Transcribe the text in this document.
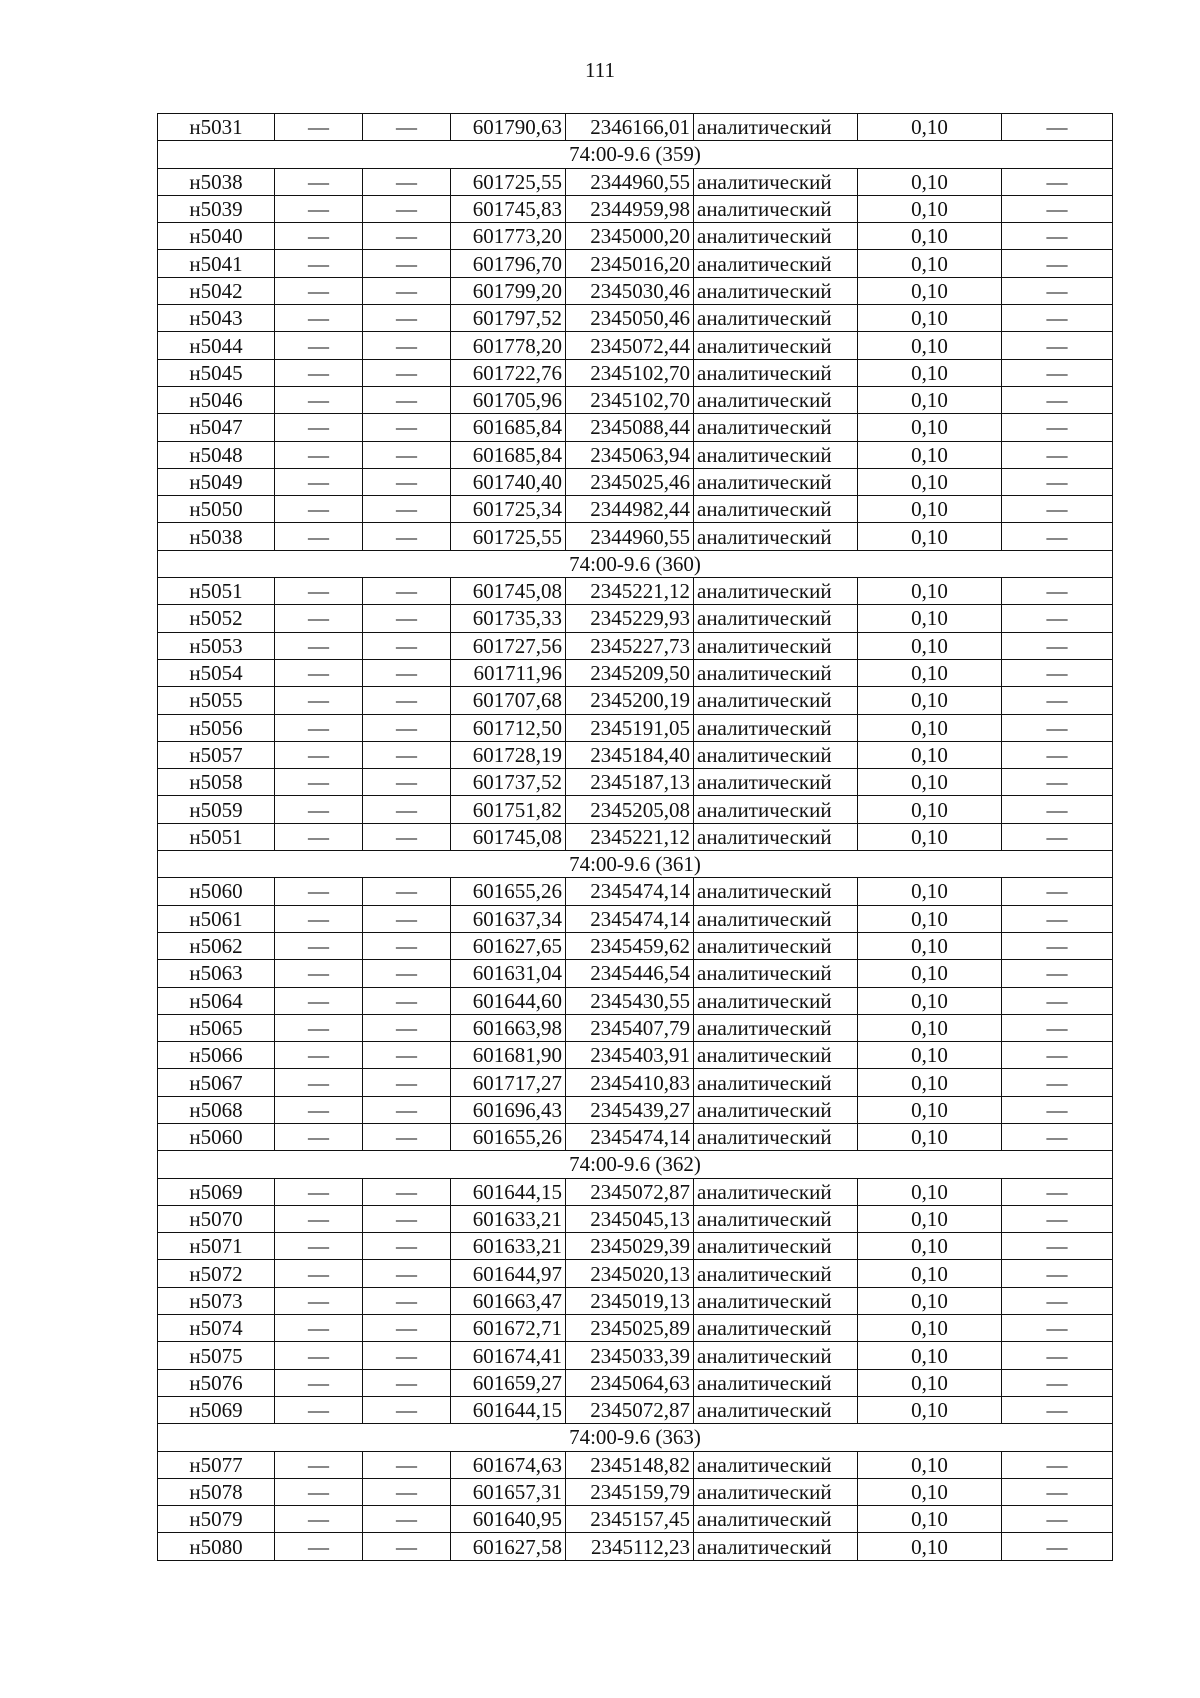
111
н5031	—	—	601790,63	2346166,01	аналитический	0,10	—
74:00-9.6 (359)							
н5038	—	—	601725,55	2344960,55	аналитический	0,10	—
н5039	—	—	601745,83	2344959,98	аналитический	0,10	—
н5040	—	—	601773,20	2345000,20	аналитический	0,10	—
н5041	—	—	601796,70	2345016,20	аналитический	0,10	—
н5042	—	—	601799,20	2345030,46	аналитический	0,10	—
н5043	—	—	601797,52	2345050,46	аналитический	0,10	—
н5044	—	—	601778,20	2345072,44	аналитический	0,10	—
н5045	—	—	601722,76	2345102,70	аналитический	0,10	—
н5046	—	—	601705,96	2345102,70	аналитический	0,10	—
н5047	—	—	601685,84	2345088,44	аналитический	0,10	—
н5048	—	—	601685,84	2345063,94	аналитический	0,10	—
н5049	—	—	601740,40	2345025,46	аналитический	0,10	—
н5050	—	—	601725,34	2344982,44	аналитический	0,10	—
н5038	—	—	601725,55	2344960,55	аналитический	0,10	—
74:00-9.6 (360)							
н5051	—	—	601745,08	2345221,12	аналитический	0,10	—
н5052	—	—	601735,33	2345229,93	аналитический	0,10	—
н5053	—	—	601727,56	2345227,73	аналитический	0,10	—
н5054	—	—	601711,96	2345209,50	аналитический	0,10	—
н5055	—	—	601707,68	2345200,19	аналитический	0,10	—
н5056	—	—	601712,50	2345191,05	аналитический	0,10	—
н5057	—	—	601728,19	2345184,40	аналитический	0,10	—
н5058	—	—	601737,52	2345187,13	аналитический	0,10	—
н5059	—	—	601751,82	2345205,08	аналитический	0,10	—
н5051	—	—	601745,08	2345221,12	аналитический	0,10	—
74:00-9.6 (361)							
н5060	—	—	601655,26	2345474,14	аналитический	0,10	—
н5061	—	—	601637,34	2345474,14	аналитический	0,10	—
н5062	—	—	601627,65	2345459,62	аналитический	0,10	—
н5063	—	—	601631,04	2345446,54	аналитический	0,10	—
н5064	—	—	601644,60	2345430,55	аналитический	0,10	—
н5065	—	—	601663,98	2345407,79	аналитический	0,10	—
н5066	—	—	601681,90	2345403,91	аналитический	0,10	—
н5067	—	—	601717,27	2345410,83	аналитический	0,10	—
н5068	—	—	601696,43	2345439,27	аналитический	0,10	—
н5060	—	—	601655,26	2345474,14	аналитический	0,10	—
74:00-9.6 (362)							
н5069	—	—	601644,15	2345072,87	аналитический	0,10	—
н5070	—	—	601633,21	2345045,13	аналитический	0,10	—
н5071	—	—	601633,21	2345029,39	аналитический	0,10	—
н5072	—	—	601644,97	2345020,13	аналитический	0,10	—
н5073	—	—	601663,47	2345019,13	аналитический	0,10	—
н5074	—	—	601672,71	2345025,89	аналитический	0,10	—
н5075	—	—	601674,41	2345033,39	аналитический	0,10	—
н5076	—	—	601659,27	2345064,63	аналитический	0,10	—
н5069	—	—	601644,15	2345072,87	аналитический	0,10	—
74:00-9.6 (363)							
н5077	—	—	601674,63	2345148,82	аналитический	0,10	—
н5078	—	—	601657,31	2345159,79	аналитический	0,10	—
н5079	—	—	601640,95	2345157,45	аналитический	0,10	—
н5080	—	—	601627,58	2345112,23	аналитический	0,10	—
